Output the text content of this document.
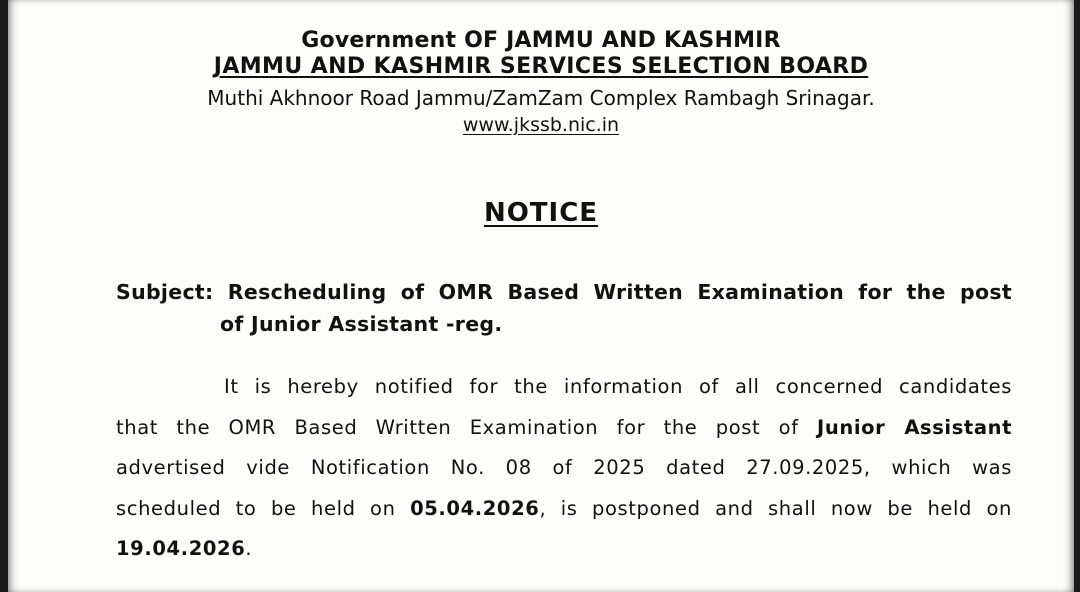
Government OF JAMMU AND KASHMIR
JAMMU AND KASHMIR SERVICES SELECTION BOARD
Muthi Akhnoor Road Jammu/ZamZam Complex Rambagh Srinagar.
www.jkssb.nic.in
NOTICE
Subject: Rescheduling of OMR Based Written Examination for the post
of Junior Assistant -reg.
It is hereby notified for the information of all concerned candidates
that the OMR Based Written Examination for the post of Junior Assistant
advertised vide Notification No. 08 of 2025 dated 27.09.2025, which was
scheduled to be held on 05.04.2026, is postponed and shall now be held on
19.04.2026.
